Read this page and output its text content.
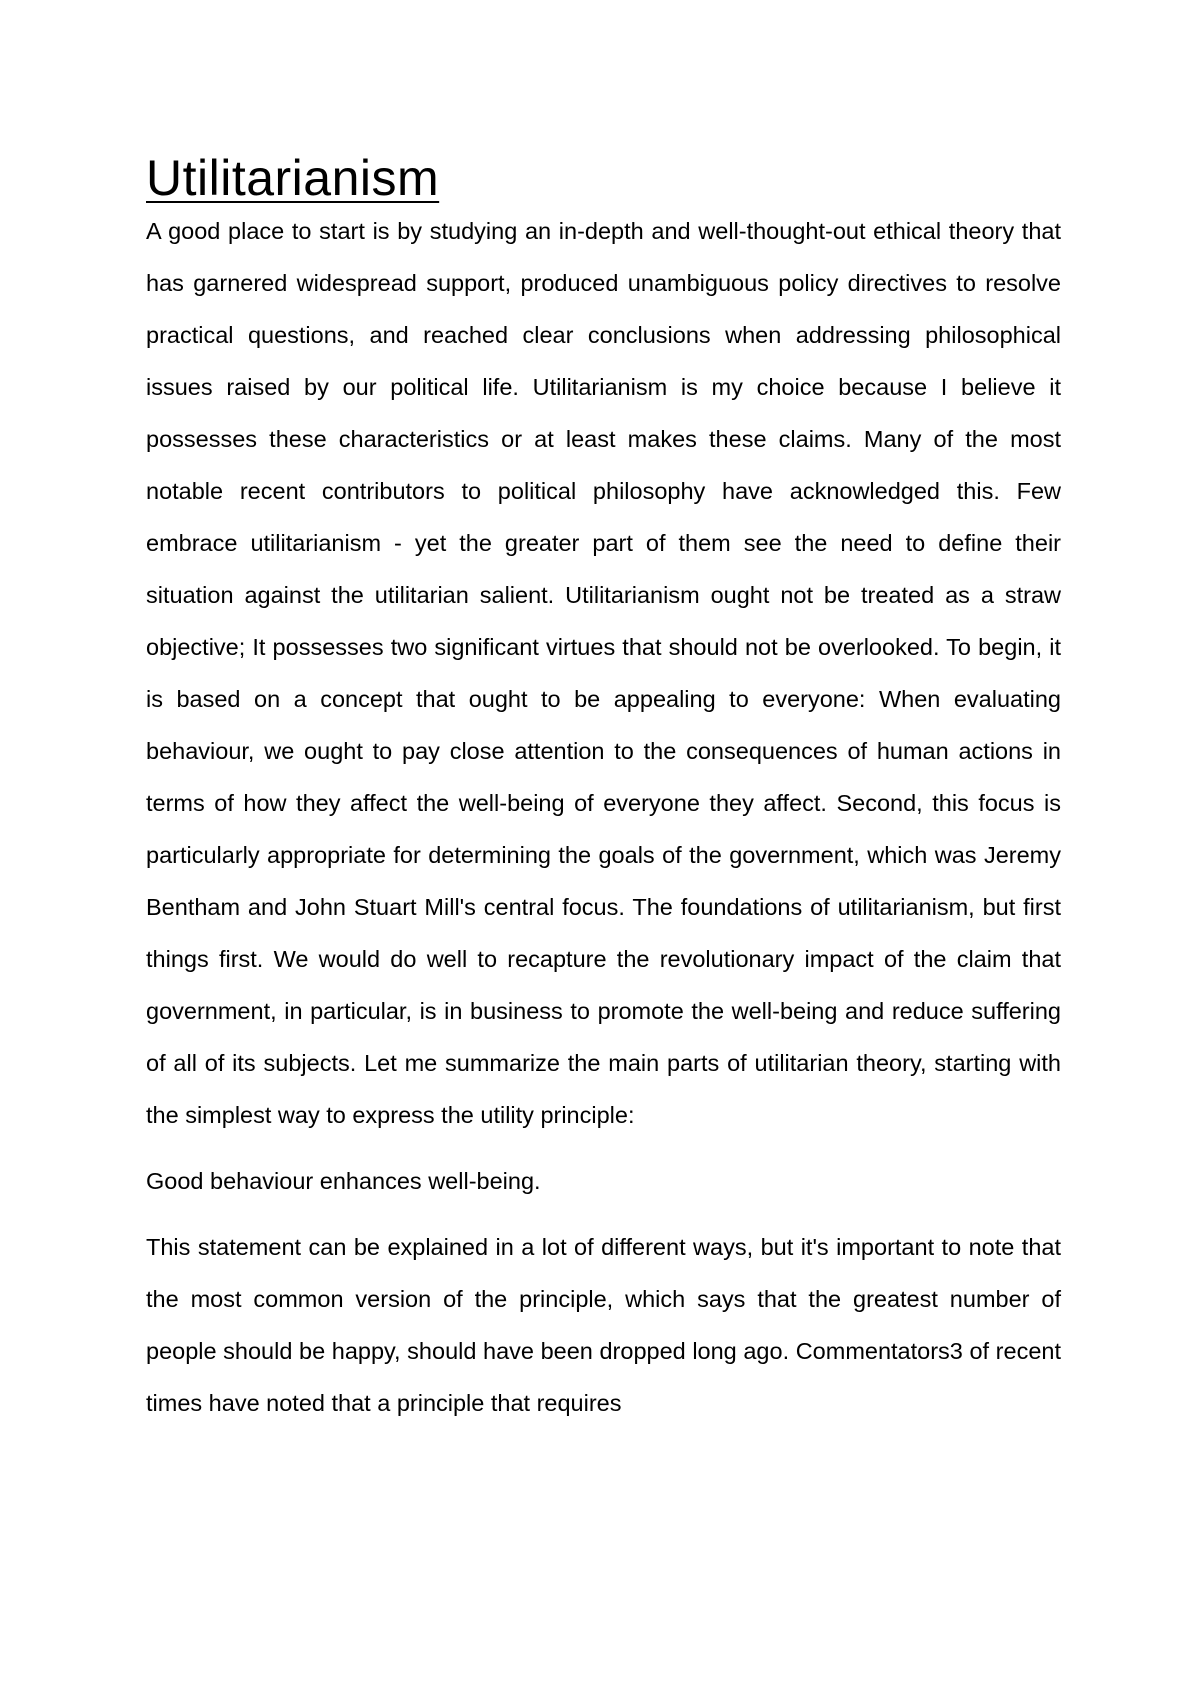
Utilitarianism

A good place to start is by studying an in-depth and well-thought-out ethical theory that has garnered widespread support, produced unambiguous policy directives to resolve practical questions, and reached clear conclusions when addressing philosophical issues raised by our political life. Utilitarianism is my choice because I believe it possesses these characteristics or at least makes these claims. Many of the most notable recent contributors to political philosophy have acknowledged this. Few embrace utilitarianism - yet the greater part of them see the need to define their situation against the utilitarian salient. Utilitarianism ought not be treated as a straw objective; It possesses two significant virtues that should not be overlooked. To begin, it is based on a concept that ought to be appealing to everyone: When evaluating behaviour, we ought to pay close attention to the consequences of human actions in terms of how they affect the well-being of everyone they affect. Second, this focus is particularly appropriate for determining the goals of the government, which was Jeremy Bentham and John Stuart Mill's central focus. The foundations of utilitarianism, but first things first. We would do well to recapture the revolutionary impact of the claim that government, in particular, is in business to promote the well-being and reduce suffering of all of its subjects. Let me summarize the main parts of utilitarian theory, starting with the simplest way to express the utility principle:

Good behaviour enhances well-being.

This statement can be explained in a lot of different ways, but it's important to note that the most common version of the principle, which says that the greatest number of people should be happy, should have been dropped long ago. Commentators3 of recent times have noted that a principle that requires
